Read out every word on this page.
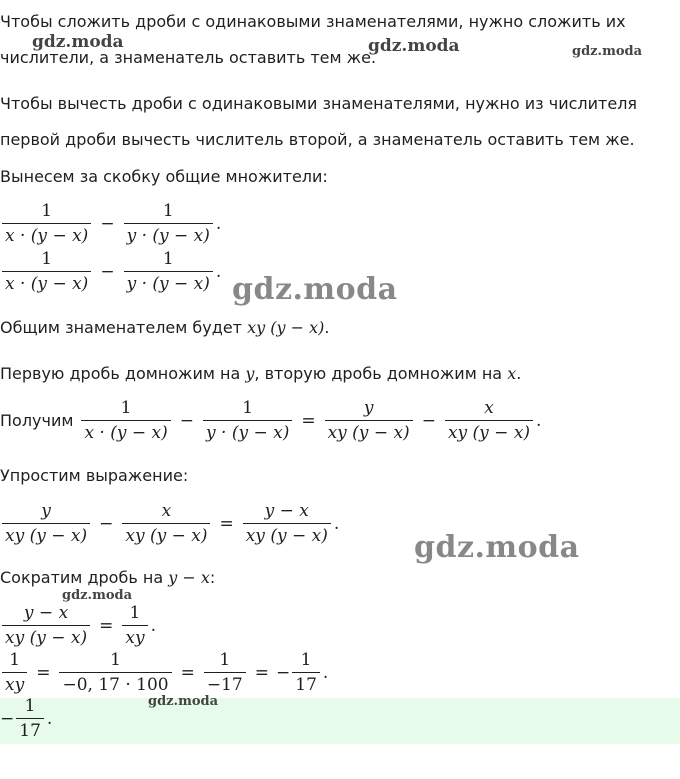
gdz.moda	gdz.moda	gdz.moda
gdz.moda
gdz.moda
gdz.moda
gdz.moda
Чтобы сложить дроби с одинаковыми знаменателями, нужно сложить их
числители, а знаменатель оставить тем же.
Чтобы вычесть дроби с одинаковыми знаменателями, нужно из числителя
первой дроби вычесть числитель второй, а знаменатель оставить тем же.
Вынесем за скобку общие множители:
$\frac{1}{x \cdot (y - x)} - \frac{1}{y \cdot (y - x)}$ .
$\frac{1}{x \cdot (y - x)} - \frac{1}{y \cdot (y - x)}$ .
Общим знаменателем будет xy (y − x).
Первую дробь домножим на y, вторую дробь домножим на x.
Получим $\frac{1}{x \cdot (y - x)} - \frac{1}{y \cdot (y - x)} = \frac{y}{xy (y - x)} - \frac{x}{xy (y - x)}$ .
Упростим выражение:
$\frac{y}{xy (y - x)} - \frac{x}{xy (y - x)} = \frac{y - x}{xy (y - x)}$ .
Сократим дробь на y − x:
$\frac{y - x}{xy (y - x)} = \frac{1}{xy}$ .
$\frac{1}{xy} = \frac{1}{-0, 17 \cdot 100} = \frac{1}{-17}$ = − $\frac{1}{17}$ .
− $\frac{1}{17}$ .
